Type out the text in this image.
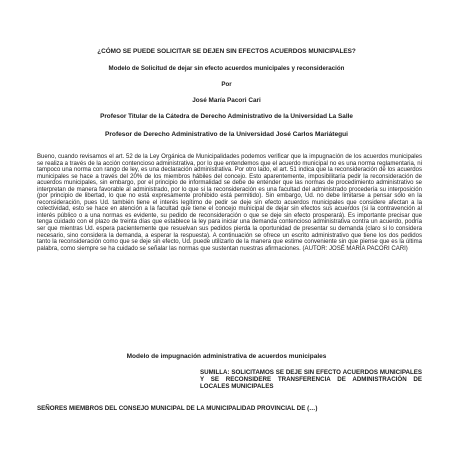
¿CÓMO SE PUEDE SOLICITAR SE DEJEN SIN EFECTOS ACUERDOS MUNICIPALES?
Modelo de Solicitud de dejar sin efecto acuerdos municipales y reconsideración
Por
José María Pacori Cari
Profesor Titular de la Cátedra de Derecho Administrativo de la Universidad La Salle
Profesor de Derecho Administrativo de la Universidad José Carlos Mariátegui
Bueno, cuando revisamos el art. 52 de la Ley Orgánica de Municipalidades podemos verificar que la impugnación de los acuerdos municipales se realiza a través de la acción contencioso administrativa, por lo que entendemos que el acuerdo municipal no es una norma reglamentaria, ni tampoco una norma con rango de ley, es una declaración administrativa. Por otro lado, el art. 51 indica que la reconsideración de los acuerdos municipales se hace a través del 20% de los miembros hábiles del concejo. Esto aparentemente, imposibilitaría pedir la reconsideración de acuerdos municipales, sin embargo, por el principio de informalidad se debe de entender que las normas de procedimiento administrativo se interpretan de manera favorable al administrado, por lo que si la reconsideración es una facultad del administrado procedería su interposición (por principio de libertad, lo que no está expresamente prohibido está permitido). Sin embargo, Ud. no debe limitarse a pensar sólo en la reconsideración, pues Ud. también tiene el interés legítimo de pedir se deje sin efecto acuerdos municipales que considere afectan a la colectividad, esto se hace en atención a la facultad que tiene el concejo municipal de dejar sin efectos sus acuerdos (si la contravención al interés público o a una normas es evidente, su pedido de reconsideración o que se deje sin efecto prosperará). Es importante precisar que tenga cuidado con el plazo de treinta días que establece la ley para iniciar una demanda contencioso administrativa contra un acuerdo, podría ser que mientras Ud. espera pacientemente que resuelvan sus pedidos pierda la oportunidad de presentar su demanda (claro si lo considera necesario, sino considera la demanda, a esperar la respuesta). A continuación se ofrece un escrito administrativo que tiene los dos pedidos tanto la reconsideración como que se deje sin efecto, Ud. puede utilizarlo de la manera que estime conveniente sin que piense que es la última palabra, como siempre se ha cuidado se señalar las normas que sustentan nuestras afirmaciones. (AUTOR: JOSÉ MARÍA PACORI CARI)
Modelo de impugnación administrativa de acuerdos municipales
SUMILLA: SOLICITAMOS SE DEJE SIN EFECTO ACUERDOS MUNICIPALES Y SE RECONSIDERE TRANSFERENCIA DE ADMINISTRACIÓN DE LOCALES MUNICIPALES
SEÑORES MIEMBROS DEL CONSEJO MUNICIPAL DE LA MUNICIPALIDAD PROVINCIAL DE (…)
